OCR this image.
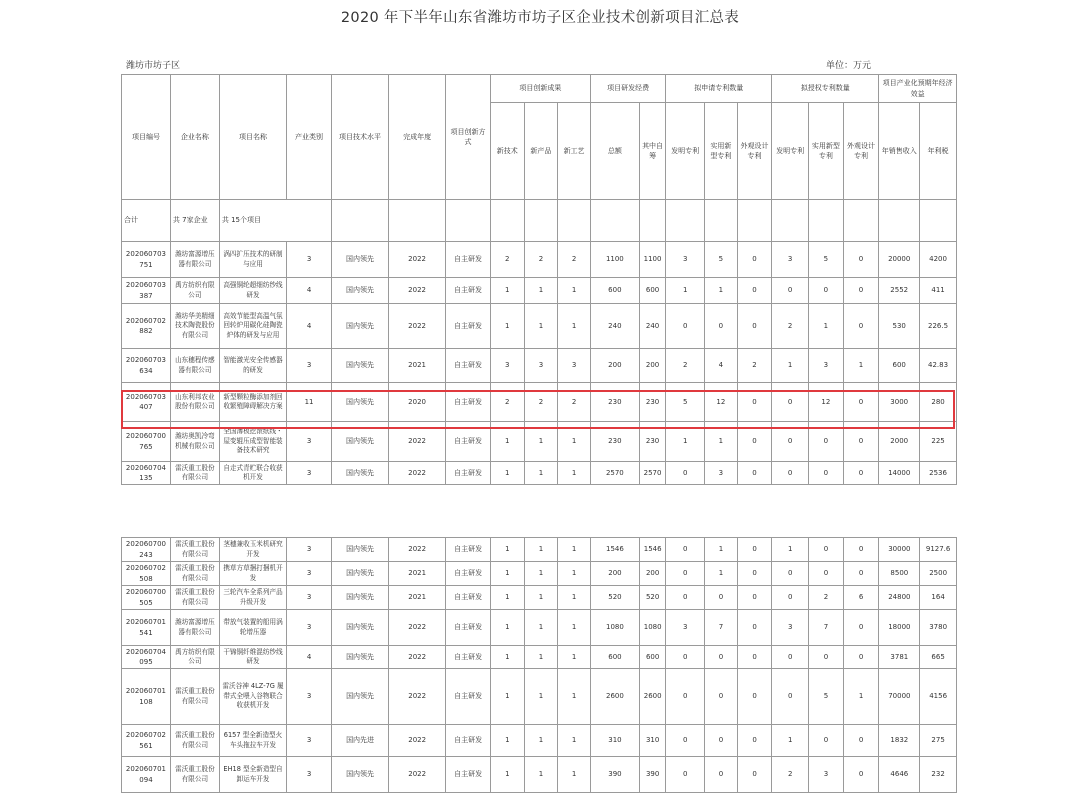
2020 年下半年山东省潍坊市坊子区企业技术创新项目汇总表
潍坊市坊子区	单位：万元
项目编号	企业名称	项目名称	产业类别	项目技术水平	完成年度	项目创新方式	项目创新成果			项目研发经费		拟申请专利数量			拟授权专利数量			项目产业化预期年经济效益	
							新技术	新产品	新工艺	总额	其中自筹	发明专利	实用新型专利	外观设计专利	发明专利	实用新型专利	外观设计专利	年销售收入	年利税
合计	共 7家企业	共 15个项目																	
202060703751	潍坊富源增压器有限公司	涡四扩压技术的研制与应用	3	国内领先	2022	自主研发	2	2	2	1100	1100	3	5	0	3	5	0	20000	4200
202060703387	禹方纺织有限公司	高强铜纶超细纺纱线研发	4	国内领先	2022	自主研发	1	1	1	600	600	1	1	0	0	0	0	2552	411
202060702882	潍坊华美精细技术陶瓷股份有限公司	高效节能型高温气氛回转炉用碳化硅陶瓷炉体的研发与应用	4	国内领先	2022	自主研发	1	1	1	240	240	0	0	0	2	1	0	530	226.5
202060703634	山东穗程传感器有限公司	智能激光安全传感器的研发	3	国内领先	2021	自主研发	3	3	3	200	200	2	4	2	1	3	1	600	42.83
202060703407	山东利邦农业股份有限公司	新型颗粒酶添加剂回收繁殖障碍解决方案	11	国内领先	2020	自主研发	2	2	2	230	230	5	12	0	0	12	0	3000	280
202060700765	潍坊奥凯冷弯机械有限公司	全国薄板挖滚纸线・屋变辊压成型智能装备技术研究	3	国内领先	2022	自主研发	1	1	1	230	230	1	1	0	0	0	0	2000	225
202060704135	雷沃重工股份有限公司	自走式青贮联合收获机开发	3	国内领先	2022	自主研发	1	1	1	2570	2570	0	3	0	0	0	0	14000	2536
202060700243	雷沃重工股份有限公司	茎穗兼收玉米机研究开发	3	国内领先	2022	自主研发	1	1	1	1546	1546	0	1	0	1	0	0	30000	9127.6
202060702508	雷沃重工股份有限公司	携草方草捆打捆机开发	3	国内领先	2021	自主研发	1	1	1	200	200	0	1	0	0	0	0	8500	2500
202060700505	雷沃重工股份有限公司	三轮汽车全系列产品升级开发	3	国内领先	2021	自主研发	1	1	1	520	520	0	0	0	0	2	6	24800	164
202060701541	潍坊富源增压器有限公司	带放气装置的船用涡轮增压器	3	国内领先	2022	自主研发	1	1	1	1080	1080	3	7	0	3	7	0	18000	3780
202060704095	禹方纺织有限公司	干锦铜纤维混纺纱线研发	4	国内领先	2022	自主研发	1	1	1	600	600	0	0	0	0	0	0	3781	665
202060701108	雷沃重工股份有限公司	雷沃谷神 4LZ-7G 履带式全喂入谷物联合收获机开发	3	国内领先	2022	自主研发	1	1	1	2600	2600	0	0	0	0	5	1	70000	4156
202060702561	雷沃重工股份有限公司	6157 型全新造型火车头拖拉车开发	3	国内先进	2022	自主研发	1	1	1	310	310	0	0	0	1	0	0	1832	275
202060701094	雷沃重工股份有限公司	EH18 型全新造型自卸运车开发	3	国内领先	2022	自主研发	1	1	1	390	390	0	0	0	2	3	0	4646	232
